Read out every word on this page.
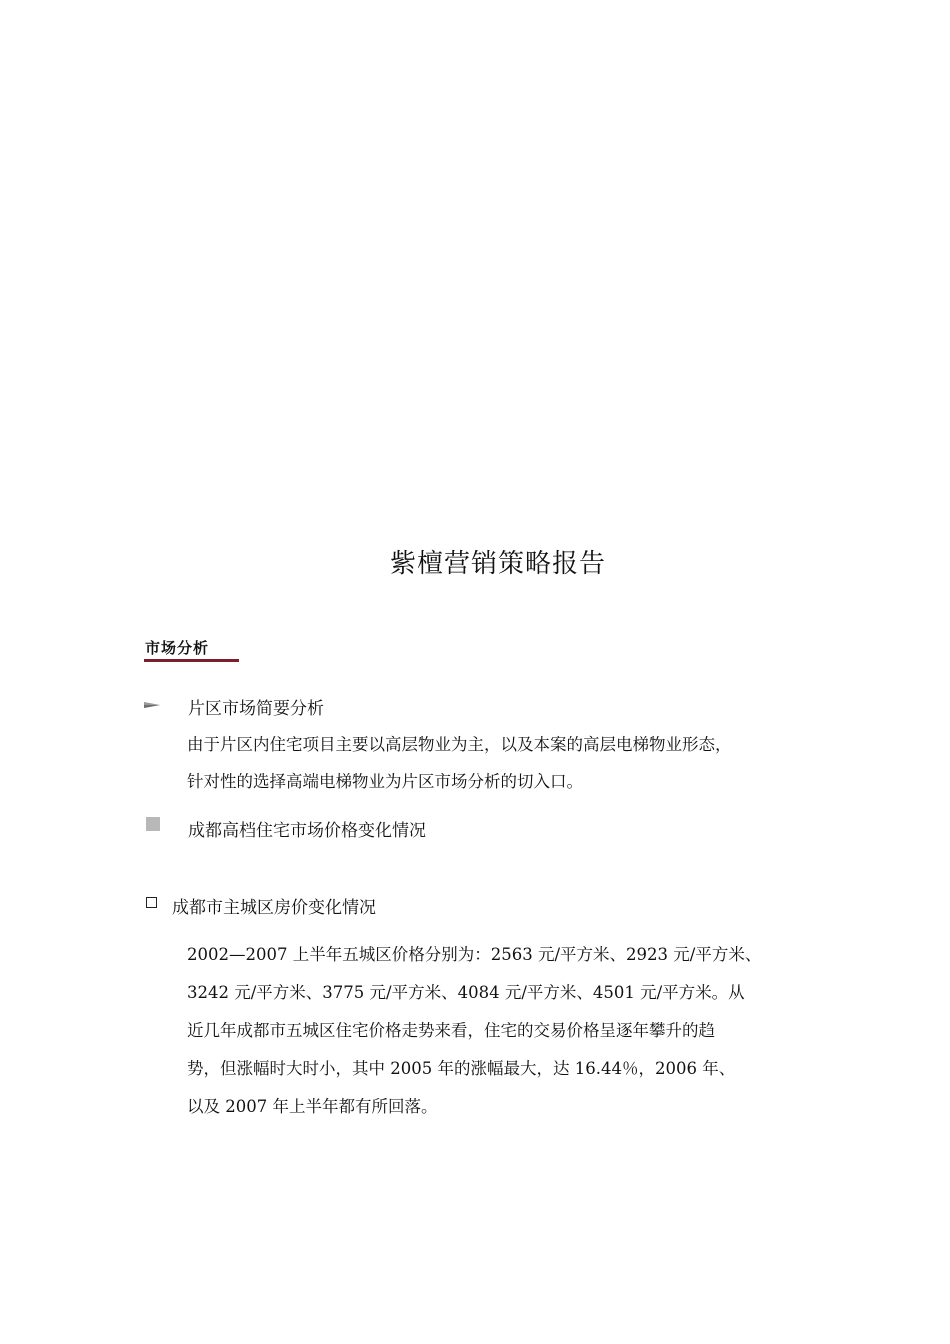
紫檀营销策略报告
市场分析
片区市场简要分析
由于片区内住宅项目主要以高层物业为主，以及本案的高层电梯物业形态，
针对性的选择高端电梯物业为片区市场分析的切入口。
成都高档住宅市场价格变化情况
成都市主城区房价变化情况
2002—2007 上半年五城区价格分别为：2563 元/平方米、2923 元/平方米、
3242 元/平方米、3775 元/平方米、4084 元/平方米、4501 元/平方米。从
近几年成都市五城区住宅价格走势来看，住宅的交易价格呈逐年攀升的趋
势，但涨幅时大时小，其中 2005 年的涨幅最大，达 16.44％，2006 年、
以及 2007 年上半年都有所回落。
